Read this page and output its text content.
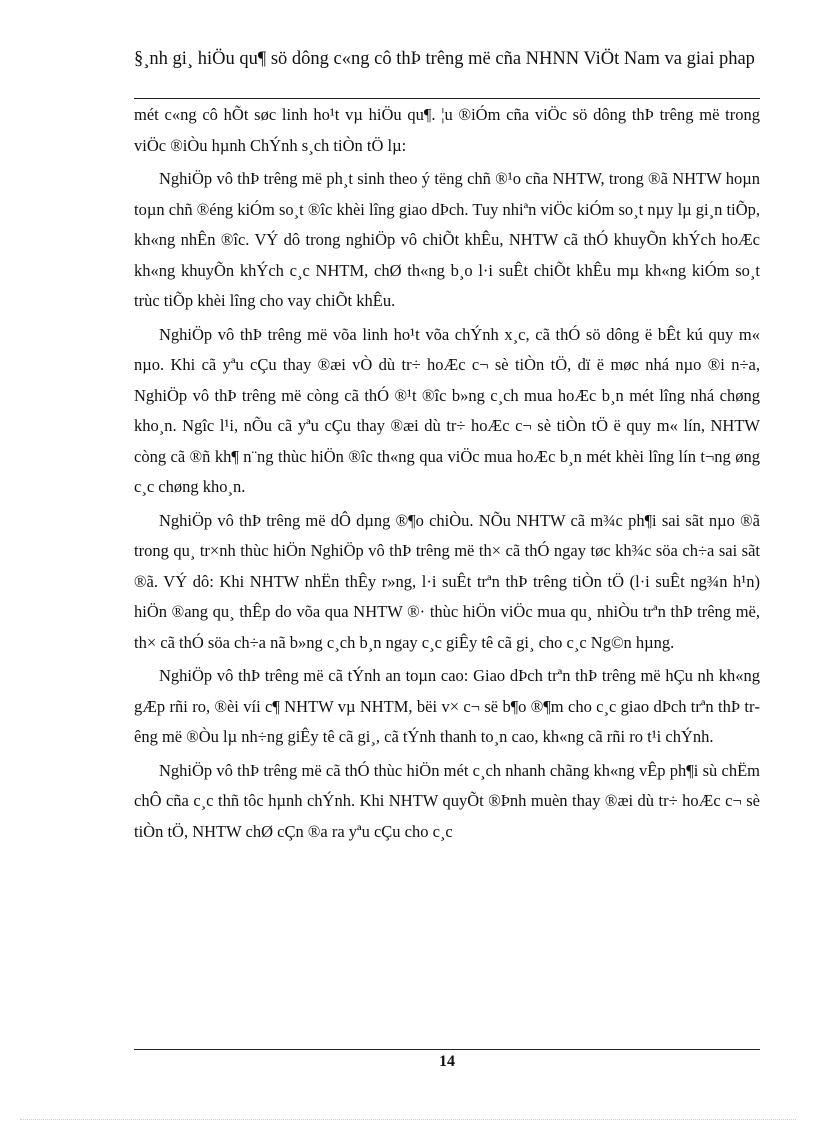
§¸nh gi¸ hiÖu qu¶ sö dông c«ng cô thÞ trêng më cña NHNN ViÖt Nam va giai phap

mét c«ng cô hÕt søc linh ho¹t vµ hiÖu qu¶. ¦u ®iÓm cña viÖc sö dông thÞ trêng më trong viÖc ®iÒu hµnh ChÝnh s¸ch tiÒn tÖ lµ:

NghiÖp vô thÞ trêng më ph¸t sinh theo ý tëng chñ ®¹o cña NHTW, trong ®ã NHTW hoµn toµn chñ ®éng kiÓm so¸t ®îc khèi lîng giao dÞch. Tuy nhiªn viÖc kiÓm so¸t nµy lµ gi¸n tiÕp, kh«ng nhÊn ®îc. VÝ dô trong nghiÖp vô chiÕt khÊu, NHTW cã thÓ khuyÕn khÝch hoÆc kh«ng khuyÕn khÝch c¸c NHTM, chØ th«ng b¸o l·i suÊt chiÕt khÊu mµ kh«ng kiÓm so¸t trùc tiÕp khèi lîng cho vay chiÕt khÊu.

NghiÖp vô thÞ trêng më võa linh ho¹t võa chÝnh x¸c, cã thÓ sö dông ë bÊt kú quy m« nµo. Khi cã yªu cÇu thay ®æi vÒ dù tr÷ hoÆc c¬ sè tiÒn tÖ, dï ë møc nhá nµo ®i n÷a, NghiÖp vô thÞ trêng më còng cã thÓ ®¹t ®îc b»ng c¸ch mua hoÆc b¸n mét lîng nhá chøng kho¸n. Ngîc l¹i, nÕu cã yªu cÇu thay ®æi dù tr÷ hoÆc c¬ sè tiÒn tÖ ë quy m« lín, NHTW còng cã ®ñ kh¶ n¨ng thùc hiÖn ®îc th«ng qua viÖc mua hoÆc b¸n mét khèi lîng lín t¬ng øng c¸c chøng kho¸n.

NghiÖp vô thÞ trêng më dÔ dµng ®¶o chiÒu. NÕu NHTW cã m¾c ph¶i sai sãt nµo ®ã trong qu¸ tr×nh thùc hiÖn NghiÖp vô thÞ trêng më th× cã thÓ ngay tøc kh¾c söa ch÷a sai sãt ®ã. VÝ dô: Khi NHTW nhËn thÊy r»ng, l·i suÊt trªn thÞ trêng tiÒn tÖ (l·i suÊt ng¾n h¹n) hiÖn ®ang qu¸ thÊp do võa qua NHTW ®· thùc hiÖn viÖc mua qu¸ nhiÒu trªn thÞ trêng më, th× cã thÓ söa ch÷a nã b»ng c¸ch b¸n ngay c¸c giÊy tê cã gi¸ cho c¸c Ng©n hµng.

NghiÖp vô thÞ trêng më cã tÝnh an toµn cao: Giao dÞch trªn thÞ trêng më hÇu nh kh«ng gÆp rñi ro, ®èi víi c¶ NHTW vµ NHTM, bëi v× c¬ së b¶o ®¶m cho c¸c giao dÞch trªn thÞ trêng më ®Òu lµ nh÷ng giÊy tê cã gi¸, cã tÝnh thanh to¸n cao, kh«ng cã rñi ro t¹i chÝnh.

NghiÖp vô thÞ trêng më cã thÓ thùc hiÖn mét c¸ch nhanh chãng kh«ng vÊp ph¶i sù chËm chÔ cña c¸c thñ tôc hµnh chÝnh. Khi NHTW quyÕt ®Þnh muèn thay ®æi dù tr÷ hoÆc c¬ sè tiÒn tÖ, NHTW chØ cÇn ®a ra yªu cÇu cho c¸c

14
